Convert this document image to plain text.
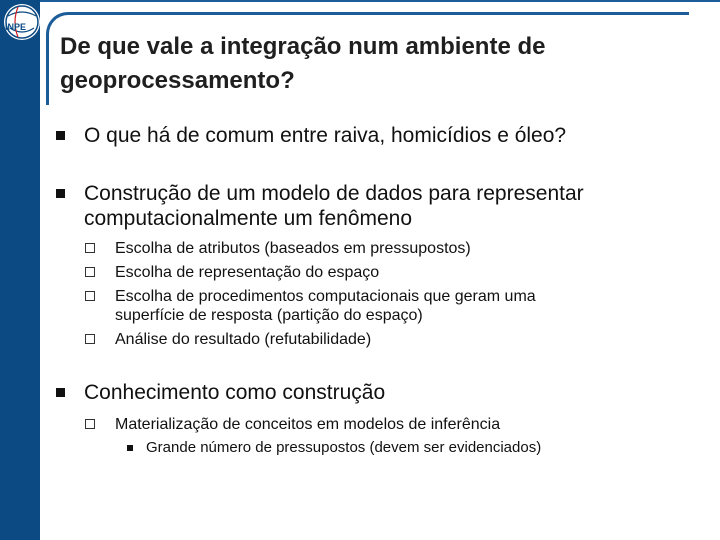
INPE
De que vale a integração num ambiente de geoprocessamento?
O que há de comum entre raiva, homicídios e óleo?
Construção de um modelo de dados para representar computacionalmente um fenômeno
Escolha de atributos (baseados em pressupostos)
Escolha de representação do espaço
Escolha de procedimentos computacionais que geram uma
superfície de resposta (partição do espaço)
Análise do resultado (refutabilidade)
Conhecimento como construção
Materialização de conceitos em modelos de inferência
Grande número de pressupostos (devem ser evidenciados)
